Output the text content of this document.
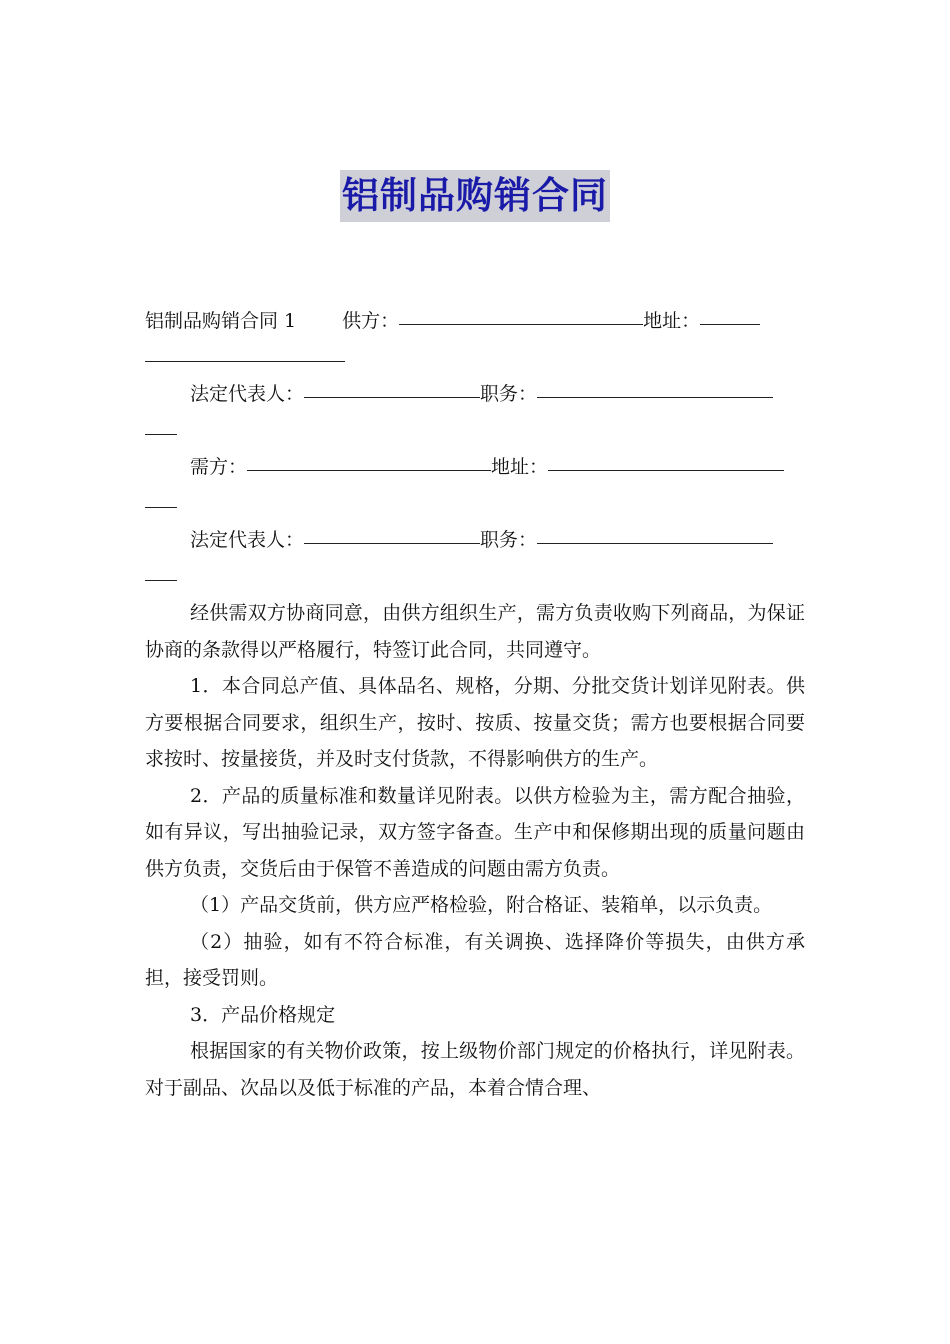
铝制品购销合同
铝制品购销合同 1 供方：	地址：
法定代表人：	职务：
需方：	地址：
法定代表人：	职务：

经供需双方协商同意，由供方组织生产，需方负责收购下列商品，为保证协商的条款得以严格履行，特签订此合同，共同遵守。

1．本合同总产值、具体品名、规格，分期、分批交货计划详见附表。供方要根据合同要求，组织生产，按时、按质、按量交货；需方也要根据合同要求按时、按量接货，并及时支付货款，不得影响供方的生产。

2．产品的质量标准和数量详见附表。以供方检验为主，需方配合抽验，如有异议，写出抽验记录，双方签字备查。生产中和保修期出现的质量问题由供方负责，交货后由于保管不善造成的问题由需方负责。

（1）产品交货前，供方应严格检验，附合格证、装箱单，以示负责。

（2）抽验，如有不符合标准，有关调换、选择降价等损失，由供方承担，接受罚则。

3．产品价格规定

根据国家的有关物价政策，按上级物价部门规定的价格执行，详见附表。对于副品、次品以及低于标准的产品，本着合情合理、
